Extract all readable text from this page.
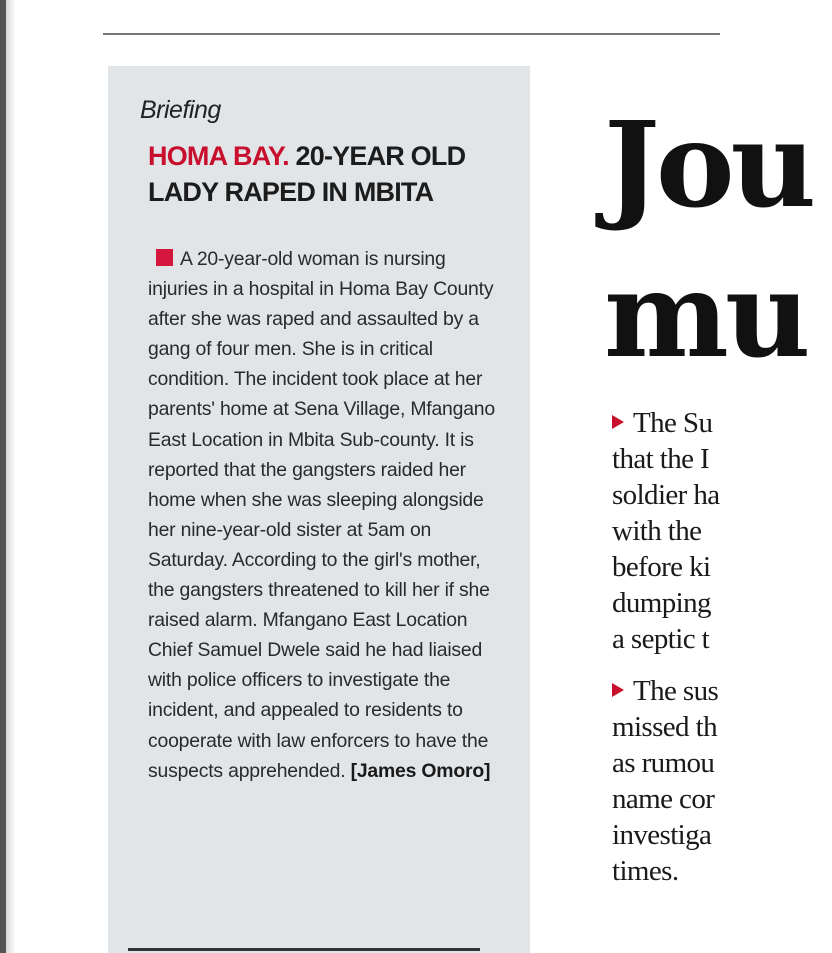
Briefing
HOMA BAY. 20-YEAR OLD LADY RAPED IN MBITA
A 20-year-old woman is nursing injuries in a hospital in Homa Bay County after she was raped and assaulted by a gang of four men. She is in critical condition. The incident took place at her parents' home at Sena Village, Mfangano East Location in Mbita Sub-county. It is reported that the gangsters raided her home when she was sleeping alongside her nine-year-old sister at 5am on Saturday. According to the girl's mother, the gangsters threatened to kill her if she raised alarm. Mfangano East Location Chief Samuel Dwele said he had liaised with police officers to investigate the incident, and appealed to residents to cooperate with law enforcers to have the suspects apprehended. [James Omoro]
Jou
mu

The Su
that the I
soldier ha
with the
before ki
dumping
a septic t

The sus
missed th
as rumou
name cor
investiga
times.
